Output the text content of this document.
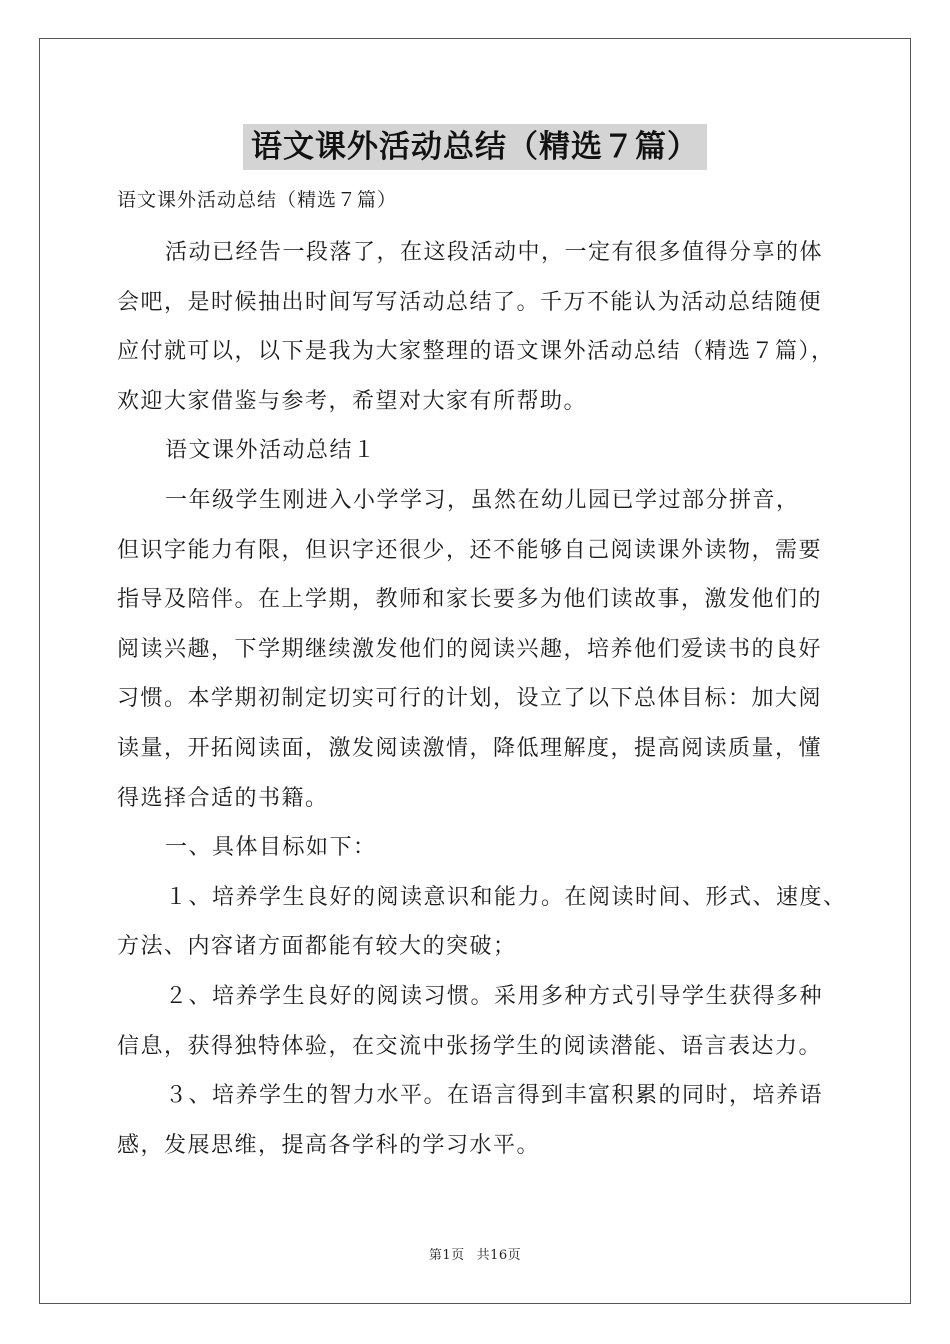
语文课外活动总结（精选７篇）

语文课外活动总结（精选７篇）

活动已经告一段落了，在这段活动中，一定有很多值得分享的体

会吧，是时候抽出时间写写活动总结了。千万不能认为活动总结随便

应付就可以，以下是我为大家整理的语文课外活动总结（精选７篇），

欢迎大家借鉴与参考，希望对大家有所帮助。

语文课外活动总结１

一年级学生刚进入小学学习，虽然在幼儿园已学过部分拼音，

但识字能力有限，但识字还很少，还不能够自己阅读课外读物，需要

指导及陪伴。在上学期，教师和家长要多为他们读故事，激发他们的

阅读兴趣，下学期继续激发他们的阅读兴趣，培养他们爱读书的良好

习惯。本学期初制定切实可行的计划，设立了以下总体目标：加大阅

读量，开拓阅读面，激发阅读激情，降低理解度，提高阅读质量，懂

得选择合适的书籍。

一、具体目标如下：

１、培养学生良好的阅读意识和能力。在阅读时间、形式、速度、

方法、内容诸方面都能有较大的突破；

２、培养学生良好的阅读习惯。采用多种方式引导学生获得多种

信息，获得独特体验，在交流中张扬学生的阅读潜能、语言表达力。

３、培养学生的智力水平。在语言得到丰富积累的同时，培养语

感，发展思维，提高各学科的学习水平。

第1页 共16页
